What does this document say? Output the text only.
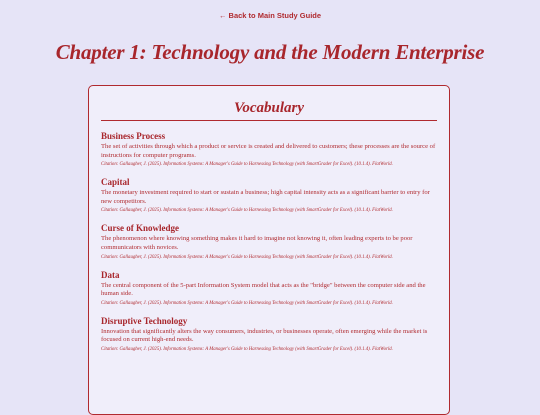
← Back to Main Study Guide
Chapter 1: Technology and the Modern Enterprise
Vocabulary

Business Process

The set of activities through which a product or service is created and delivered to customers; these processes are the source of instructions for computer programs.

Citation: Gallaugher, J. (2025). Information Systems: A Manager's Guide to Harnessing Technology (with SmartGrader for Excel). (10.1.4). FlatWorld.

Capital

The monetary investment required to start or sustain a business; high capital intensity acts as a significant barrier to entry for new competitors.

Citation: Gallaugher, J. (2025). Information Systems: A Manager's Guide to Harnessing Technology (with SmartGrader for Excel). (10.1.4). FlatWorld.

Curse of Knowledge

The phenomenon where knowing something makes it hard to imagine not knowing it, often leading experts to be poor communicators with novices.

Citation: Gallaugher, J. (2025). Information Systems: A Manager's Guide to Harnessing Technology (with SmartGrader for Excel). (10.1.4). FlatWorld.

Data

The central component of the 5-part Information System model that acts as the "bridge" between the computer side and the human side.

Citation: Gallaugher, J. (2025). Information Systems: A Manager's Guide to Harnessing Technology (with SmartGrader for Excel). (10.1.4). FlatWorld.

Disruptive Technology

Innovation that significantly alters the way consumers, industries, or businesses operate, often emerging while the market is focused on current high-end needs.

Citation: Gallaugher, J. (2025). Information Systems: A Manager's Guide to Harnessing Technology (with SmartGrader for Excel). (10.1.4). FlatWorld.
